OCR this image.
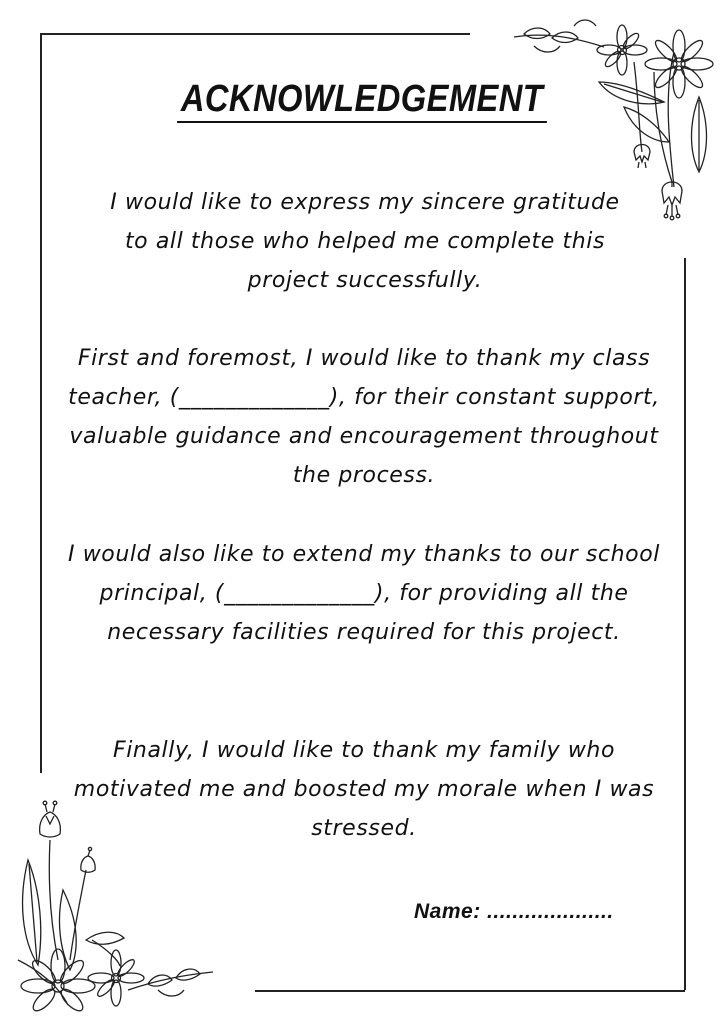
ACKNOWLEDGEMENT

I would like to express my sincere gratitude to all those who helped me complete this project successfully.

First and foremost, I would like to thank my class teacher, (_____________), for their constant support, valuable guidance and encouragement throughout the process.

I would also like to extend my thanks to our school principal, (_____________), for providing all the necessary facilities required for this project.

Finally, I would like to thank my family who motivated me and boosted my morale when I was stressed.

Name: ....................
